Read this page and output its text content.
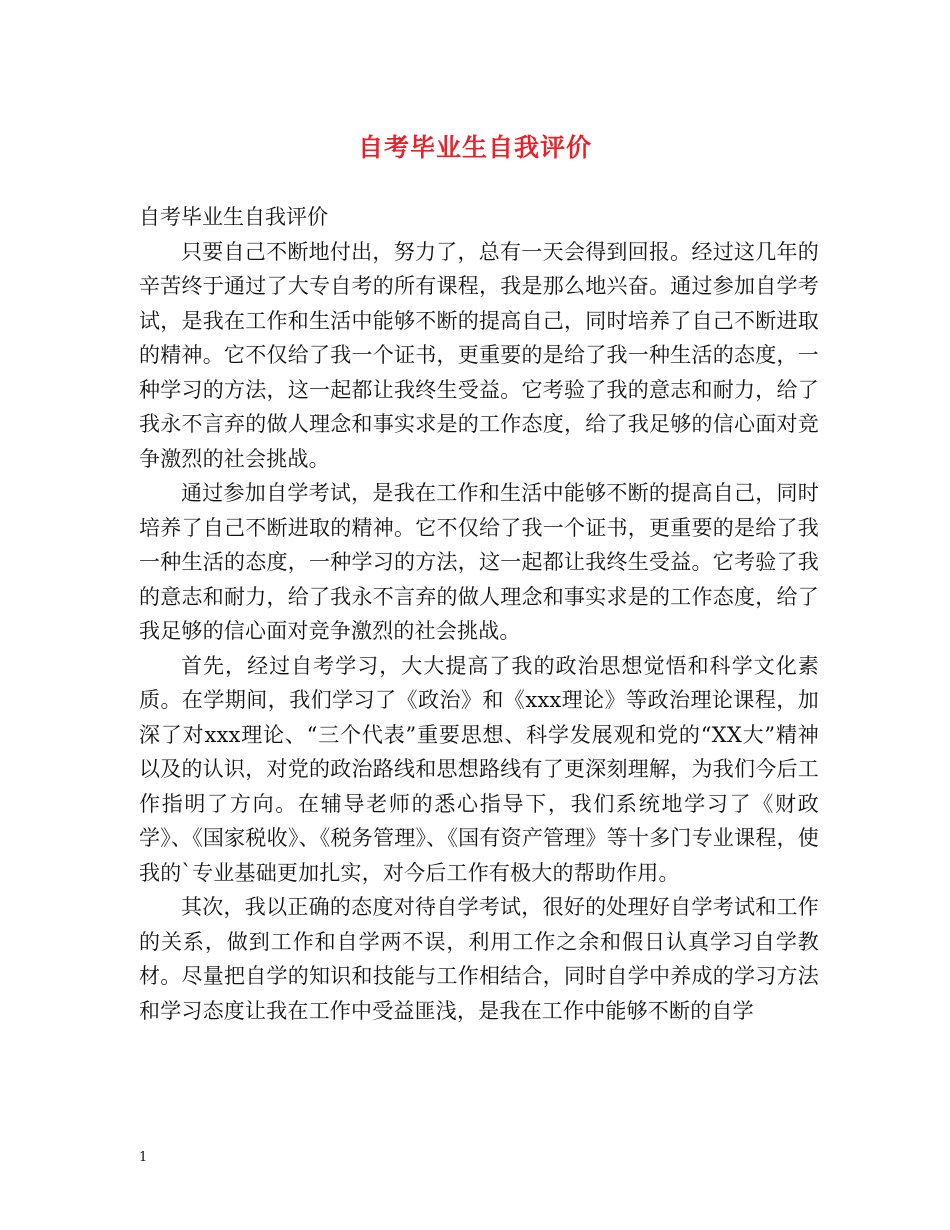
自考毕业生自我评价

自考毕业生自我评价

只要自己不断地付出，努力了，总有一天会得到回报。经过这几年的辛苦终于通过了大专自考的所有课程，我是那么地兴奋。通过参加自学考试，是我在工作和生活中能够不断的提高自己，同时培养了自己不断进取的精神。它不仅给了我一个证书，更重要的是给了我一种生活的态度，一种学习的方法，这一起都让我终生受益。它考验了我的意志和耐力，给了我永不言弃的做人理念和事实求是的工作态度，给了我足够的信心面对竞争激烈的社会挑战。

通过参加自学考试，是我在工作和生活中能够不断的提高自己，同时培养了自己不断进取的精神。它不仅给了我一个证书，更重要的是给了我一种生活的态度，一种学习的方法，这一起都让我终生受益。它考验了我的意志和耐力，给了我永不言弃的做人理念和事实求是的工作态度，给了我足够的信心面对竞争激烈的社会挑战。

首先，经过自考学习，大大提高了我的政治思想觉悟和科学文化素质。在学期间，我们学习了《政治》和《xxx理论》等政治理论课程，加深了对xxx理论、“三个代表”重要思想、科学发展观和党的“XX大”精神以及的认识，对党的政治路线和思想路线有了更深刻理解，为我们今后工作指明了方向。在辅导老师的悉心指导下，我们系统地学习了《财政学》、《国家税收》、《税务管理》、《国有资产管理》等十多门专业课程，使我的`专业基础更加扎实，对今后工作有极大的帮助作用。

其次，我以正确的态度对待自学考试，很好的处理好自学考试和工作的关系，做到工作和自学两不误，利用工作之余和假日认真学习自学教材。尽量把自学的知识和技能与工作相结合，同时自学中养成的学习方法和学习态度让我在工作中受益匪浅，是我在工作中能够不断的自学

1
